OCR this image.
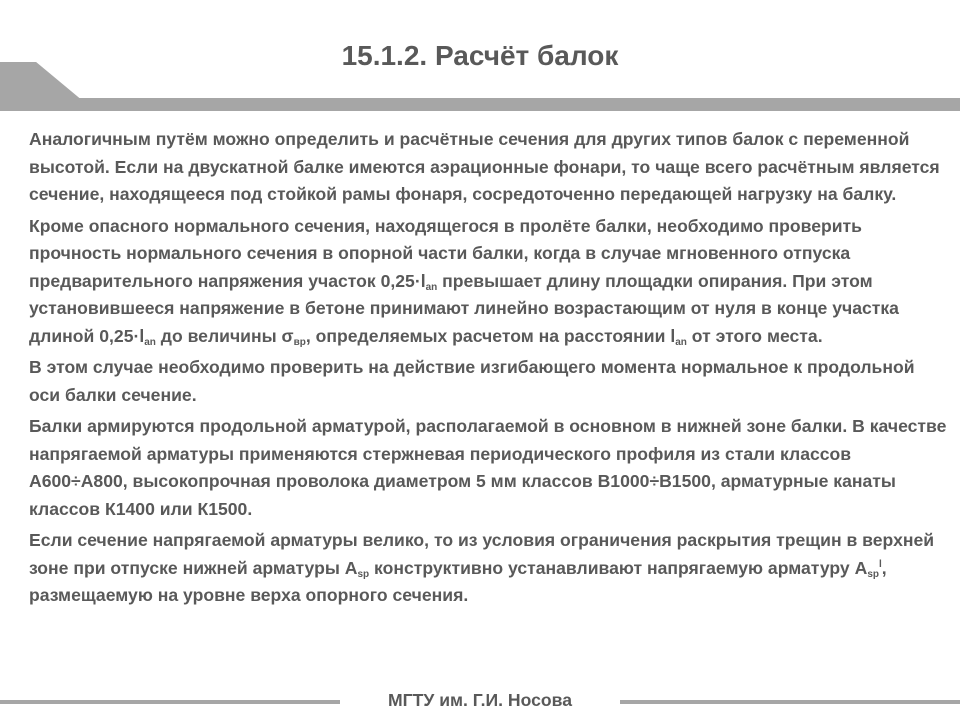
15.1.2. Расчёт балок

Аналогичным путём можно определить и расчётные сечения для других типов балок с переменной высотой. Если на двускатной балке имеются аэрационные фонари, то чаще всего расчётным является сечение, находящееся под стойкой рамы фонаря, сосредоточенно передающей нагрузку на балку.

Кроме опасного нормального сечения, находящегося в пролёте балки, необходимо проверить прочность нормального сечения в опорной части балки, когда в случае мгновенного отпуска предварительного напряжения участок $0,25\cdot l_{an}$ превышает длину площадки опирания. При этом установившееся напряжение в бетоне принимают линейно возрастающим от нуля в конце участка длиной $0,25\cdot l_{an}$ до величины $\sigma_{вр}$, определяемых расчетом на расстоянии $l_{an}$ от этого места.

В этом случае необходимо проверить на действие изгибающего момента нормальное к продольной оси балки сечение.

Балки армируются продольной арматурой, располагаемой в основном в нижней зоне балки. В качестве напрягаемой арматуры применяются стержневая периодического профиля из стали классов А600÷А800, высокопрочная проволока диаметром 5 мм классов В1000÷В1500, арматурные канаты классов К1400 или К1500.

Если сечение напрягаемой арматуры велико, то из условия ограничения раскрытия трещин в верхней зоне при отпуске нижней арматуры $A_{sp}$ конструктивно устанавливают напрягаемую арматуру $A_{sp}^l$, размещаемую на уровне верха опорного сечения.

МГТУ им. Г.И. Носова
